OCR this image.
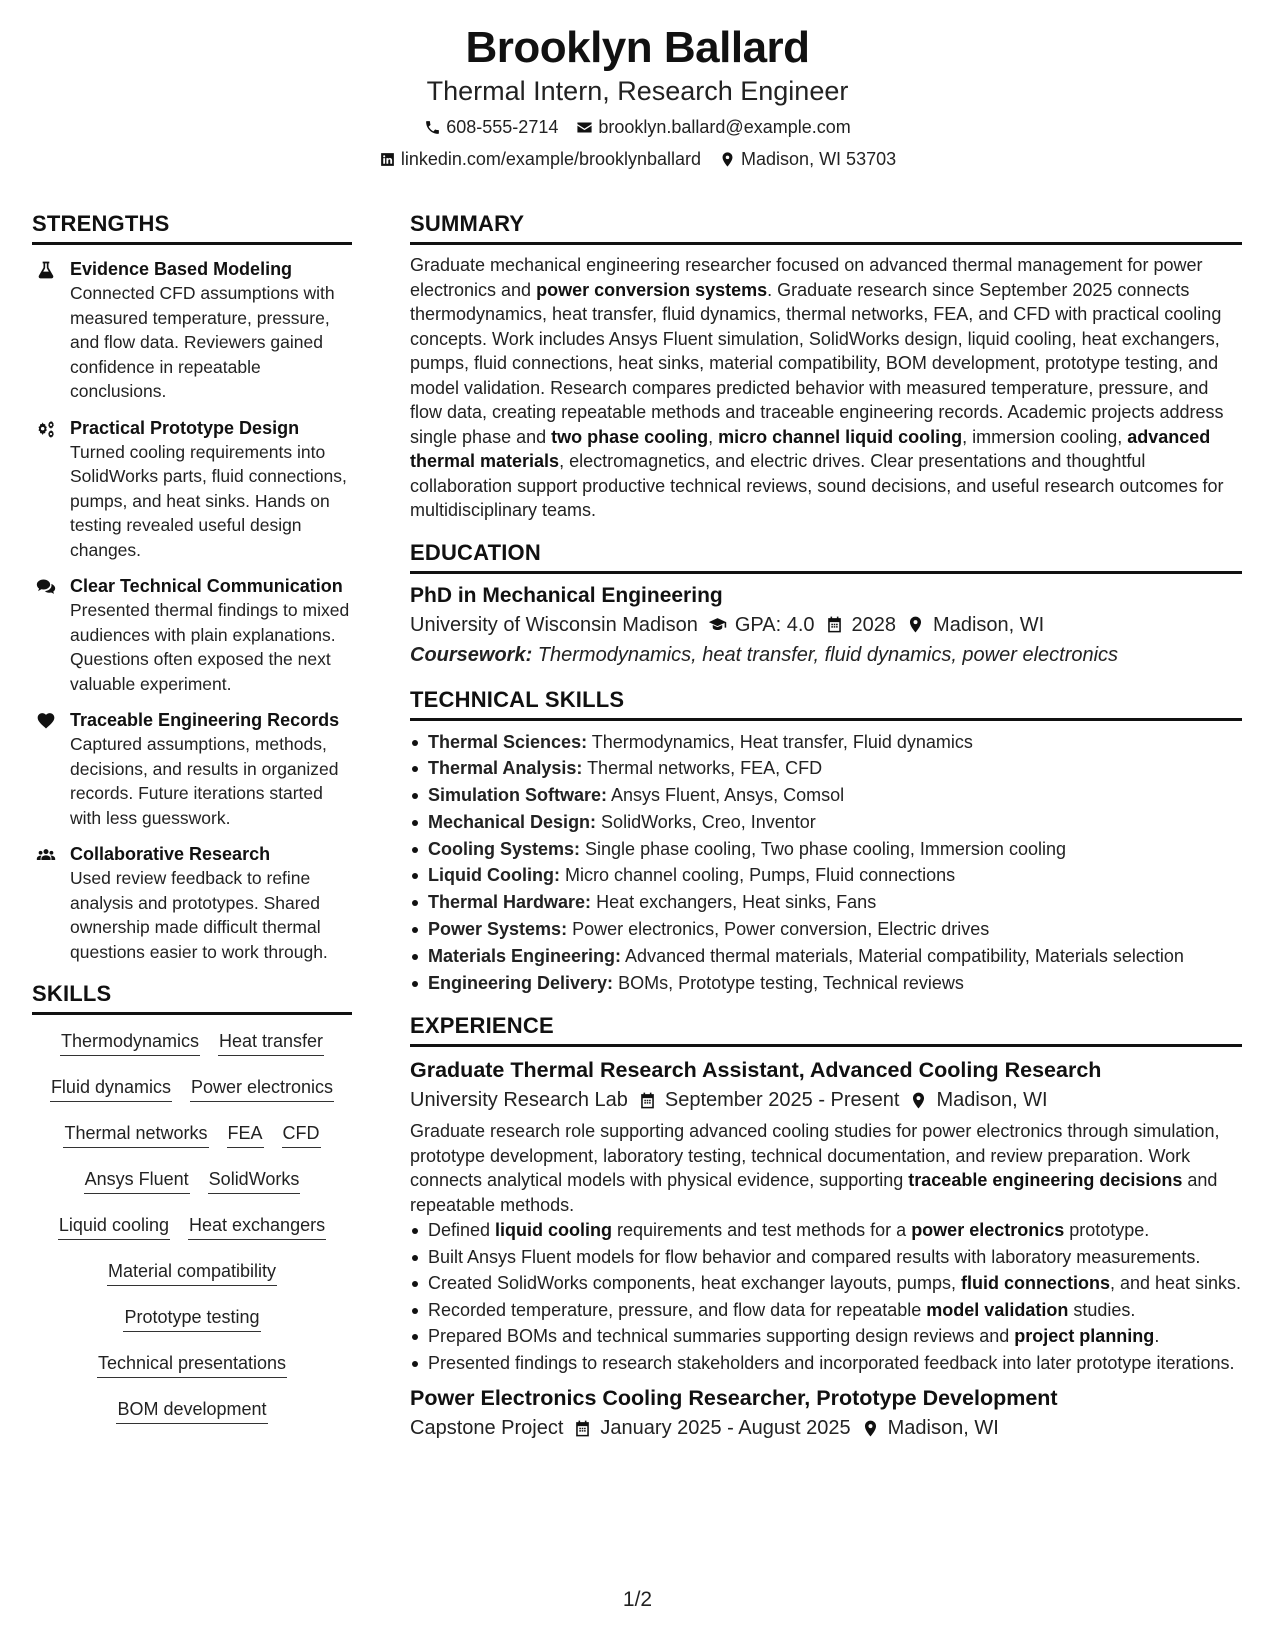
Brooklyn Ballard
Thermal Intern, Research Engineer
608-555-2714 brooklyn.ballard@example.com
linkedin.com/example/brooklynballard Madison, WI 53703
STRENGTHS
Evidence Based Modeling
Connected CFD assumptions with measured temperature, pressure, and flow data. Reviewers gained confidence in repeatable conclusions.
Practical Prototype Design
Turned cooling requirements into SolidWorks parts, fluid connections, pumps, and heat sinks. Hands on testing revealed useful design changes.
Clear Technical Communication
Presented thermal findings to mixed audiences with plain explanations. Questions often exposed the next valuable experiment.
Traceable Engineering Records
Captured assumptions, methods, decisions, and results in organized records. Future iterations started with less guesswork.
Collaborative Research
Used review feedback to refine analysis and prototypes. Shared ownership made difficult thermal questions easier to work through.
SKILLS
Thermodynamics Heat transfer
Fluid dynamics Power electronics
Thermal networks FEA CFD
Ansys Fluent SolidWorks
Liquid cooling Heat exchangers
Material compatibility
Prototype testing
Technical presentations
BOM development
SUMMARY

Graduate mechanical engineering researcher focused on advanced thermal management for power electronics and power conversion systems. Graduate research since September 2025 connects thermodynamics, heat transfer, fluid dynamics, thermal networks, FEA, and CFD with practical cooling concepts. Work includes Ansys Fluent simulation, SolidWorks design, liquid cooling, heat exchangers, pumps, fluid connections, heat sinks, material compatibility, BOM development, prototype testing, and model validation. Research compares predicted behavior with measured temperature, pressure, and flow data, creating repeatable methods and traceable engineering records. Academic projects address single phase and two phase cooling, micro channel liquid cooling, immersion cooling, advanced thermal materials, electromagnetics, and electric drives. Clear presentations and thoughtful collaboration support productive technical reviews, sound decisions, and useful research outcomes for multidisciplinary teams.

EDUCATION
PhD in Mechanical Engineering
University of Wisconsin Madison GPA: 4.0 2028 Madison, WI
Coursework: Thermodynamics, heat transfer, fluid dynamics, power electronics
TECHNICAL SKILLS
Thermal Sciences: Thermodynamics, Heat transfer, Fluid dynamics
Thermal Analysis: Thermal networks, FEA, CFD
Simulation Software: Ansys Fluent, Ansys, Comsol
Mechanical Design: SolidWorks, Creo, Inventor
Cooling Systems: Single phase cooling, Two phase cooling, Immersion cooling
Liquid Cooling: Micro channel cooling, Pumps, Fluid connections
Thermal Hardware: Heat exchangers, Heat sinks, Fans
Power Systems: Power electronics, Power conversion, Electric drives
Materials Engineering: Advanced thermal materials, Material compatibility, Materials selection
Engineering Delivery: BOMs, Prototype testing, Technical reviews
EXPERIENCE
Graduate Thermal Research Assistant, Advanced Cooling Research
University Research Lab September 2025 - Present Madison, WI

Graduate research role supporting advanced cooling studies for power electronics through simulation, prototype development, laboratory testing, technical documentation, and review preparation. Work connects analytical models with physical evidence, supporting traceable engineering decisions and repeatable methods.

Defined liquid cooling requirements and test methods for a power electronics prototype.
Built Ansys Fluent models for flow behavior and compared results with laboratory measurements.
Created SolidWorks components, heat exchanger layouts, pumps, fluid connections, and heat sinks.
Recorded temperature, pressure, and flow data for repeatable model validation studies.
Prepared BOMs and technical summaries supporting design reviews and project planning.
Presented findings to research stakeholders and incorporated feedback into later prototype iterations.
Power Electronics Cooling Researcher, Prototype Development
Capstone Project January 2025 - August 2025 Madison, WI
1/2
